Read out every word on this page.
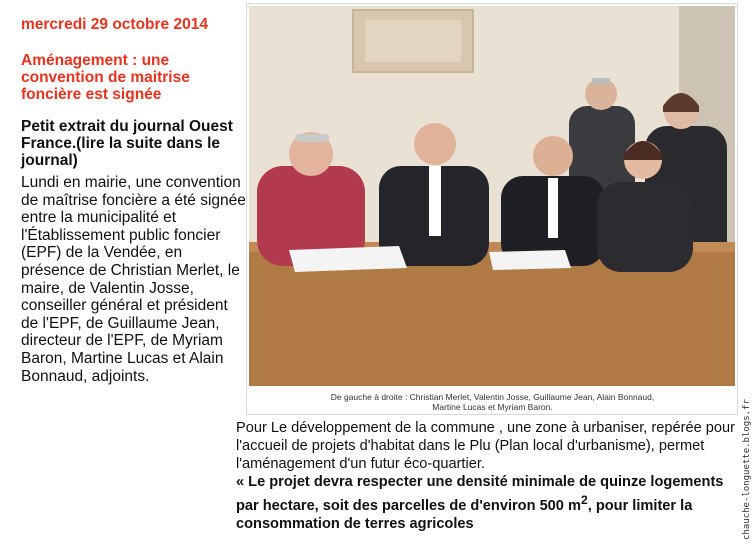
mercredi 29 octobre 2014
Aménagement : une convention de maitrise foncière est signée
Petit extrait du journal Ouest France.(lire la suite dans le journal)
Lundi en mairie, une convention de maîtrise foncière a été signée entre la municipalité et l'Établissement public foncier (EPF) de la Vendée, en présence de Christian Merlet, le maire, de Valentin Josse, conseiller général et président de l'EPF, de Guillaume Jean, directeur de l'EPF, de Myriam Baron, Martine Lucas et Alain Bonnaud, adjoints.
De gauche à droite : Christian Merlet, Valentin Josse, Guillaume Jean, Alain Bonnaud,
Martine Lucas et Myriam Baron.
Pour Le développement de la commune , une zone à urbaniser, repérée pour l'accueil de projets d'habitat dans le Plu (Plan local d'urbanisme), permet l'aménagement d'un futur éco-quartier.
« Le projet devra respecter une densité minimale de quinze logements par hectare, soit des parcelles de d'environ 500 $m^2$, pour limiter la consommation de terres agricoles	chauche-longuette.blogs.fr
